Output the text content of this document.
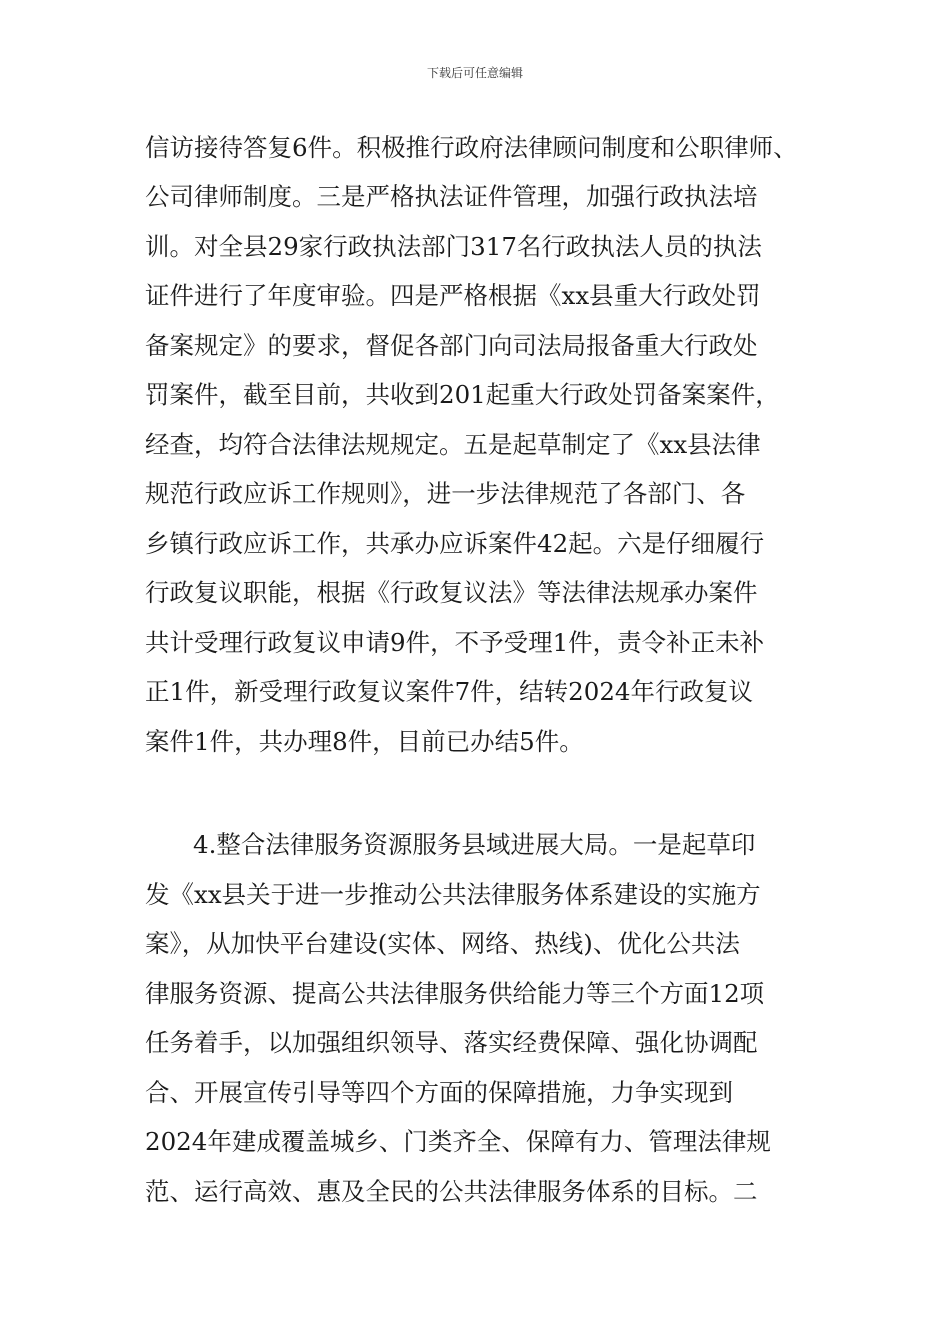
下载后可任意编辑
信访接待答复6件。积极推行政府法律顾问制度和公职律师、
公司律师制度。三是严格执法证件管理，加强行政执法培
训。对全县29家行政执法部门317名行政执法人员的执法
证件进行了年度审验。四是严格根据《xx县重大行政处罚
备案规定》的要求，督促各部门向司法局报备重大行政处
罚案件，截至目前，共收到201起重大行政处罚备案案件，
经查，均符合法律法规规定。五是起草制定了《xx县法律
规范行政应诉工作规则》，进一步法律规范了各部门、各
乡镇行政应诉工作，共承办应诉案件42起。六是仔细履行
行政复议职能，根据《行政复议法》等法律法规承办案件
共计受理行政复议申请9件，不予受理1件，责令补正未补
正1件，新受理行政复议案件7件，结转2024年行政复议
案件1件，共办理8件，目前已办结5件。
4.整合法律服务资源服务县域进展大局。一是起草印
发《xx县关于进一步推动公共法律服务体系建设的实施方
案》，从加快平台建设(实体、网络、热线)、优化公共法
律服务资源、提高公共法律服务供给能力等三个方面12项
任务着手，以加强组织领导、落实经费保障、强化协调配
合、开展宣传引导等四个方面的保障措施，力争实现到
2024年建成覆盖城乡、门类齐全、保障有力、管理法律规
范、运行高效、惠及全民的公共法律服务体系的目标。二
